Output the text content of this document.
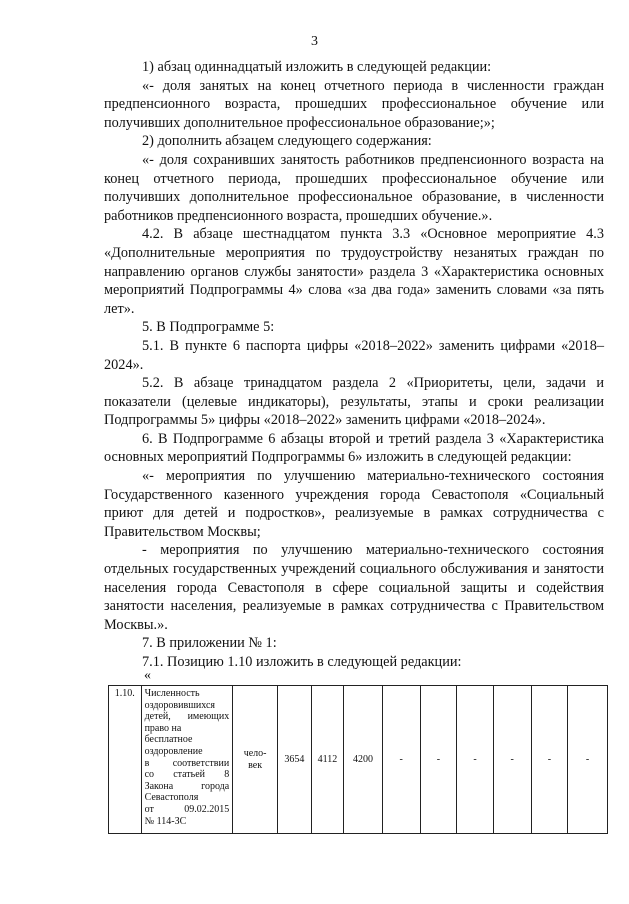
3

1) абзац одиннадцатый изложить в следующей редакции:

«- доля занятых на конец отчетного периода в численности граждан предпенсионного возраста, прошедших профессиональное обучение или получивших дополнительное профессиональное образование;»;

2) дополнить абзацем следующего содержания:

«- доля сохранивших занятость работников предпенсионного возраста на конец отчетного периода, прошедших профессиональное обучение или получивших дополнительное профессиональное образование, в численности работников предпенсионного возраста, прошедших обучение.».

4.2. В абзаце шестнадцатом пункта 3.3 «Основное мероприятие 4.3 «Дополнительные мероприятия по трудоустройству незанятых граждан по направлению органов службы занятости» раздела 3 «Характеристика основных мероприятий Подпрограммы 4» слова «за два года» заменить словами «за пять лет».

5. В Подпрограмме 5:

5.1. В пункте 6 паспорта цифры «2018–2022» заменить цифрами «2018–2024».

5.2. В абзаце тринадцатом раздела 2 «Приоритеты, цели, задачи и показатели (целевые индикаторы), результаты, этапы и сроки реализации Подпрограммы 5» цифры «2018–2022» заменить цифрами «2018–2024».

6. В Подпрограмме 6 абзацы второй и третий раздела 3 «Характеристика основных мероприятий Подпрограммы 6» изложить в следующей редакции:

«- мероприятия по улучшению материально-технического состояния Государственного казенного учреждения города Севастополя «Социальный приют для детей и подростков», реализуемые в рамках сотрудничества с Правительством Москвы;

- мероприятия по улучшению материально-технического состояния отдельных государственных учреждений социального обслуживания и занятости населения города Севастополя в сфере социальной защиты и содействия занятости населения, реализуемые в рамках сотрудничества с Правительством Москвы.».

7. В приложении № 1:

7.1. Позицию 1.10 изложить в следующей редакции:

«
1.10.	Численность
оздоровившихся
детей, имеющих
право на
бесплатное
оздоровление
в соответствии
со статьей 8
Закона города
Севастополя
от 09.02.2015
№ 114-ЗС
	чело-
век	3654	4112	4200	-	-	-	-	-	-
